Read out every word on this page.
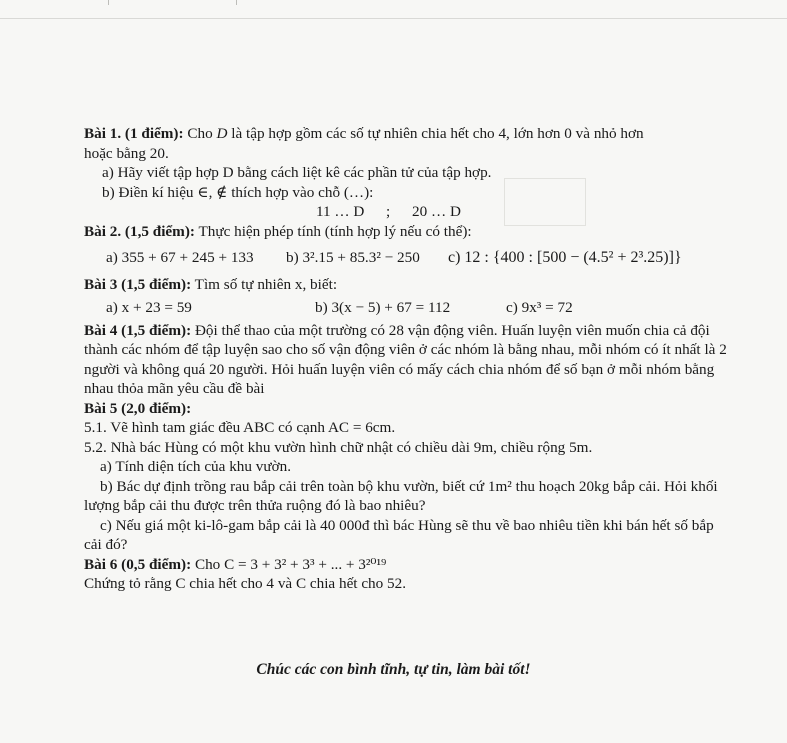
Bài 1. (1 điểm): Cho D là tập hợp gồm các số tự nhiên chia hết cho 4, lớn hơn 0 và nhỏ hơn
hoặc bằng 20.
a) Hãy viết tập hợp D bằng cách liệt kê các phần tử của tập hợp.
b) Điền kí hiệu ∈, ∉ thích hợp vào chỗ (…):
11 … D ; 20 … D
Bài 2. (1,5 điểm): Thực hiện phép tính (tính hợp lý nếu có thể):
a) 355 + 67 + 245 + 133	b) 3².15 + 85.3² − 250	c) 12 : {400 : [500 − (4.5² + 2³.25)]}
Bài 3 (1,5 điểm): Tìm số tự nhiên x, biết:
a) x + 23 = 59	b) 3(x − 5) + 67 = 112	c) 9x³ = 72
Bài 4 (1,5 điểm): Đội thể thao của một trường có 28 vận động viên. Huấn luyện viên muốn chia cả đội thành các nhóm để tập luyện sao cho số vận động viên ở các nhóm là bằng nhau, mỗi nhóm có ít nhất là 2 người và không quá 20 người. Hỏi huấn luyện viên có mấy cách chia nhóm để số bạn ở mỗi nhóm bằng nhau thỏa mãn yêu cầu đề bài
Bài 5 (2,0 điểm):
5.1. Vẽ hình tam giác đều ABC có cạnh AC = 6cm.
5.2. Nhà bác Hùng có một khu vườn hình chữ nhật có chiều dài 9m, chiều rộng 5m.
a) Tính diện tích của khu vườn.
b) Bác dự định trồng rau bắp cải trên toàn bộ khu vườn, biết cứ 1m² thu hoạch 20kg bắp cải. Hỏi khối lượng bắp cải thu được trên thửa ruộng đó là bao nhiêu?
c) Nếu giá một ki-lô-gam bắp cải là 40 000đ thì bác Hùng sẽ thu về bao nhiêu tiền khi bán hết số bắp cải đó?
Bài 6 (0,5 điểm): Cho C = 3 + 3² + 3³ + ... + 3²⁰¹⁹
Chứng tỏ rằng C chia hết cho 4 và C chia hết cho 52.
Chúc các con bình tĩnh, tự tin, làm bài tốt!
